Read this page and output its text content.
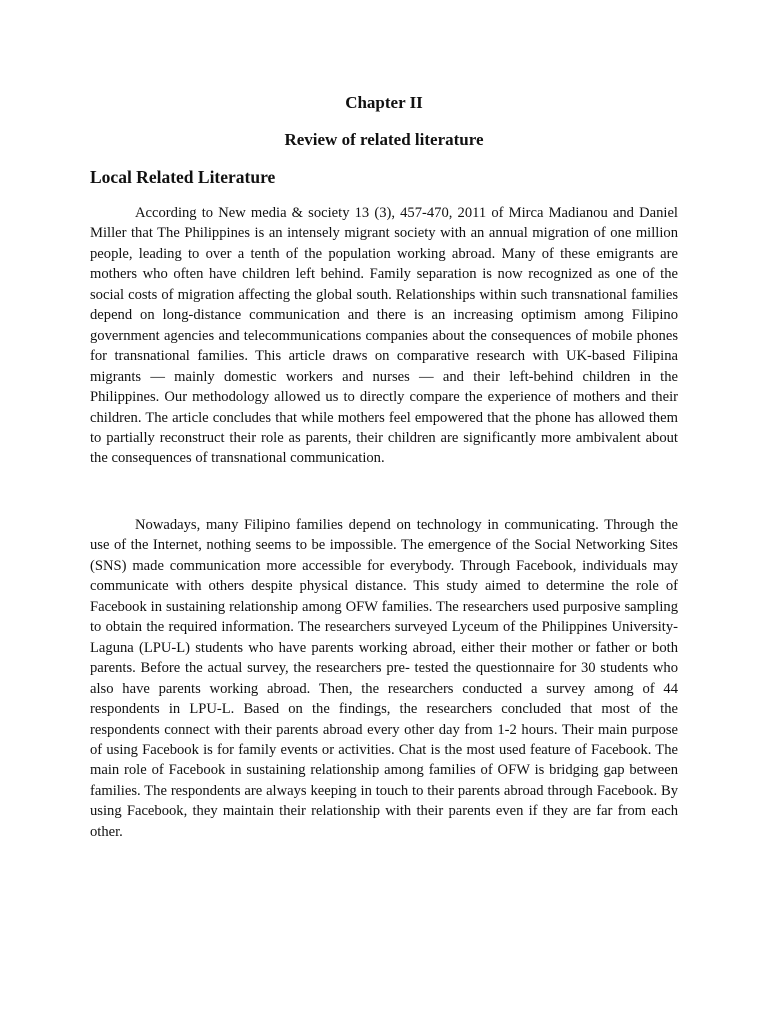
Chapter II
Review of related literature
Local Related Literature

According to New media & society 13 (3), 457-470, 2011 of Mirca Madianou and Daniel Miller that The Philippines is an intensely migrant society with an annual migration of one million people, leading to over a tenth of the population working abroad. Many of these emigrants are mothers who often have children left behind. Family separation is now recognized as one of the social costs of migration affecting the global south. Relationships within such transnational families depend on long-distance communication and there is an increasing optimism among Filipino government agencies and telecommunications companies about the consequences of mobile phones for transnational families. This article draws on comparative research with UK-based Filipina migrants — mainly domestic workers and nurses — and their left-behind children in the Philippines. Our methodology allowed us to directly compare the experience of mothers and their children. The article concludes that while mothers feel empowered that the phone has allowed them to partially reconstruct their role as parents, their children are significantly more ambivalent about the consequences of transnational communication.

Nowadays, many Filipino families depend on technology in communicating. Through the use of the Internet, nothing seems to be impossible. The emergence of the Social Networking Sites (SNS) made communication more accessible for everybody. Through Facebook, individuals may communicate with others despite physical distance. This study aimed to determine the role of Facebook in sustaining relationship among OFW families. The researchers used purposive sampling to obtain the required information. The researchers surveyed Lyceum of the Philippines University-Laguna (LPU-L) students who have parents working abroad, either their mother or father or both parents. Before the actual survey, the researchers pre- tested the questionnaire for 30 students who also have parents working abroad. Then, the researchers conducted a survey among of 44 respondents in LPU-L. Based on the findings, the researchers concluded that most of the respondents connect with their parents abroad every other day from 1-2 hours. Their main purpose of using Facebook is for family events or activities. Chat is the most used feature of Facebook. The main role of Facebook in sustaining relationship among families of OFW is bridging gap between families. The respondents are always keeping in touch to their parents abroad through Facebook. By using Facebook, they maintain their relationship with their parents even if they are far from each other.
